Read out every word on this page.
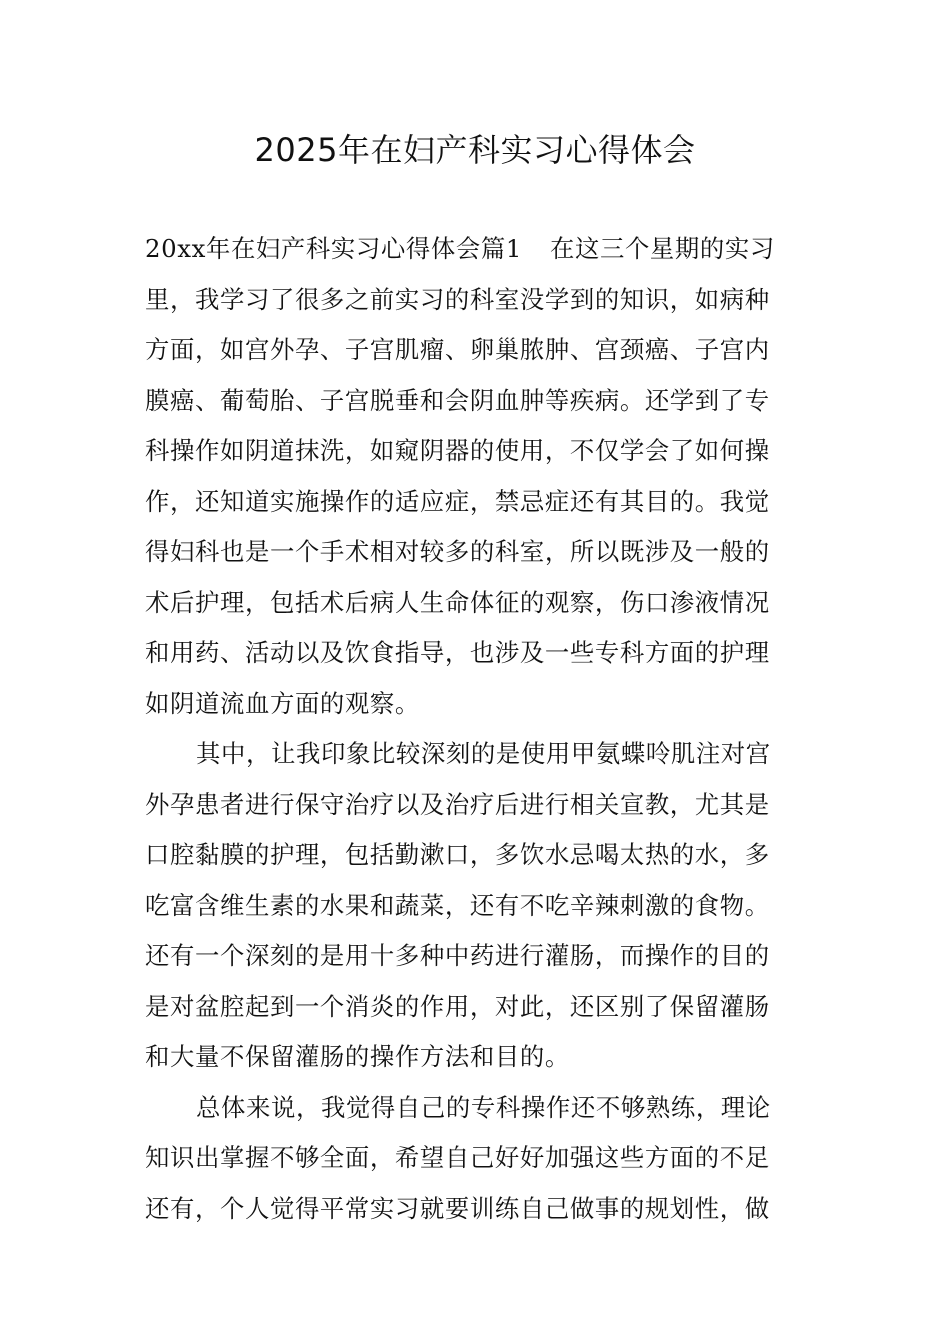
2025年在妇产科实习心得体会
20xx年在妇产科实习心得体会篇1 在这三个星期的实习
里，我学习了很多之前实习的科室没学到的知识，如病种
方面，如宫外孕、子宫肌瘤、卵巢脓肿、宫颈癌、子宫内
膜癌、葡萄胎、子宫脱垂和会阴血肿等疾病。还学到了专
科操作如阴道抹洗，如窥阴器的使用，不仅学会了如何操
作，还知道实施操作的适应症，禁忌症还有其目的。我觉
得妇科也是一个手术相对较多的科室，所以既涉及一般的
术后护理，包括术后病人生命体征的观察，伤口渗液情况
和用药、活动以及饮食指导，也涉及一些专科方面的护理
如阴道流血方面的观察。
其中，让我印象比较深刻的是使用甲氨蝶呤肌注对宫
外孕患者进行保守治疗以及治疗后进行相关宣教，尤其是
口腔黏膜的护理，包括勤漱口，多饮水忌喝太热的水，多
吃富含维生素的水果和蔬菜，还有不吃辛辣刺激的食物。
还有一个深刻的是用十多种中药进行灌肠，而操作的目的
是对盆腔起到一个消炎的作用，对此，还区别了保留灌肠
和大量不保留灌肠的操作方法和目的。
总体来说，我觉得自己的专科操作还不够熟练，理论
知识出掌握不够全面，希望自己好好加强这些方面的不足
还有，个人觉得平常实习就要训练自己做事的规划性，做
